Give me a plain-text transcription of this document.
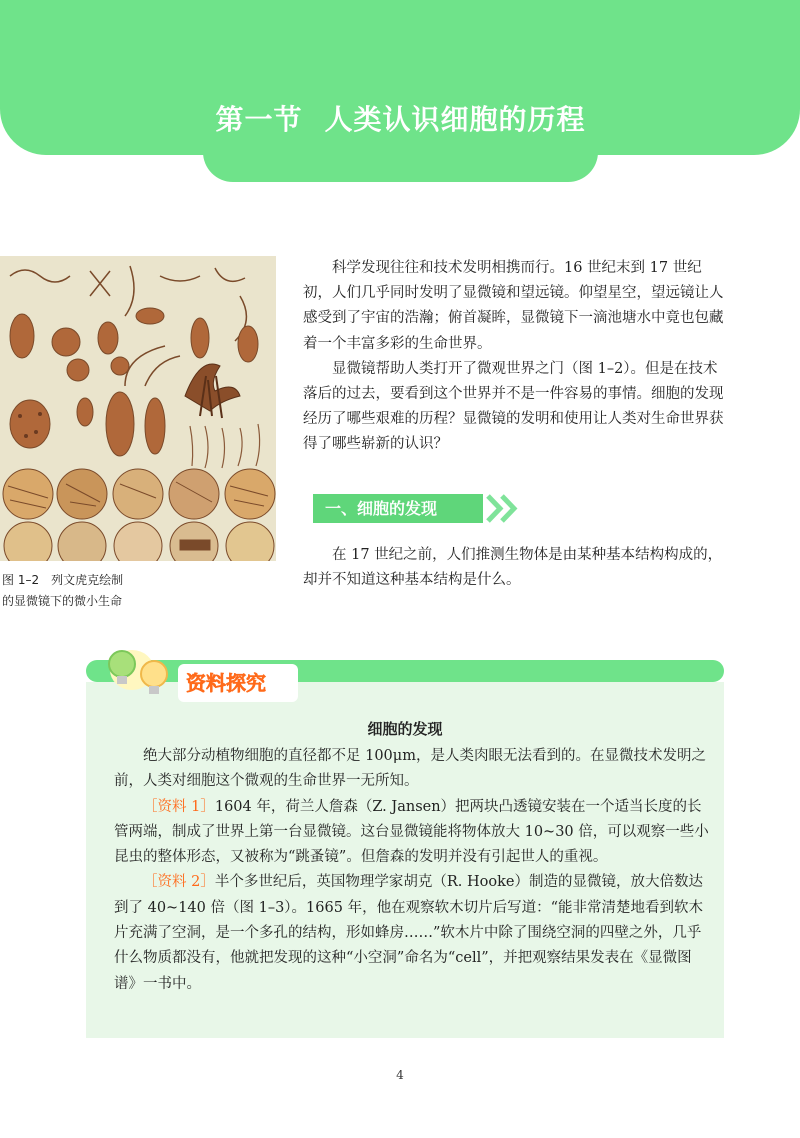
第一节 人类认识细胞的历程

图 1–2　列文虎克绘制
的显微镜下的微小生命

科学发现往往和技术发明相携而行。16 世纪末到 17 世纪初，人们几乎同时发明了显微镜和望远镜。仰望星空，望远镜让人感受到了宇宙的浩瀚；俯首凝眸，显微镜下一滴池塘水中竟也包藏着一个丰富多彩的生命世界。

显微镜帮助人类打开了微观世界之门（图 1–2）。但是在技术落后的过去，要看到这个世界并不是一件容易的事情。细胞的发现经历了哪些艰难的历程？显微镜的发明和使用让人类对生命世界获得了哪些崭新的认识？

一、细胞的发现

在 17 世纪之前，人们推测生物体是由某种基本结构构成的，却并不知道这种基本结构是什么。

资料探究
细胞的发现

绝大部分动植物细胞的直径都不足 100μm，是人类肉眼无法看到的。在显微技术发明之前，人类对细胞这个微观的生命世界一无所知。

［资料 1］1604 年，荷兰人詹森（Z. Jansen）把两块凸透镜安装在一个适当长度的长管两端，制成了世界上第一台显微镜。这台显微镜能将物体放大 10~30 倍，可以观察一些小昆虫的整体形态，又被称为“跳蚤镜”。但詹森的发明并没有引起世人的重视。

［资料 2］半个多世纪后，英国物理学家胡克（R. Hooke）制造的显微镜，放大倍数达到了 40~140 倍（图 1–3）。1665 年，他在观察软木切片后写道：“能非常清楚地看到软木片充满了空洞，是一个多孔的结构，形如蜂房……”软木片中除了围绕空洞的四壁之外，几乎什么物质都没有，他就把发现的这种“小空洞”命名为“cell”，并把观察结果发表在《显微图谱》一书中。

4
